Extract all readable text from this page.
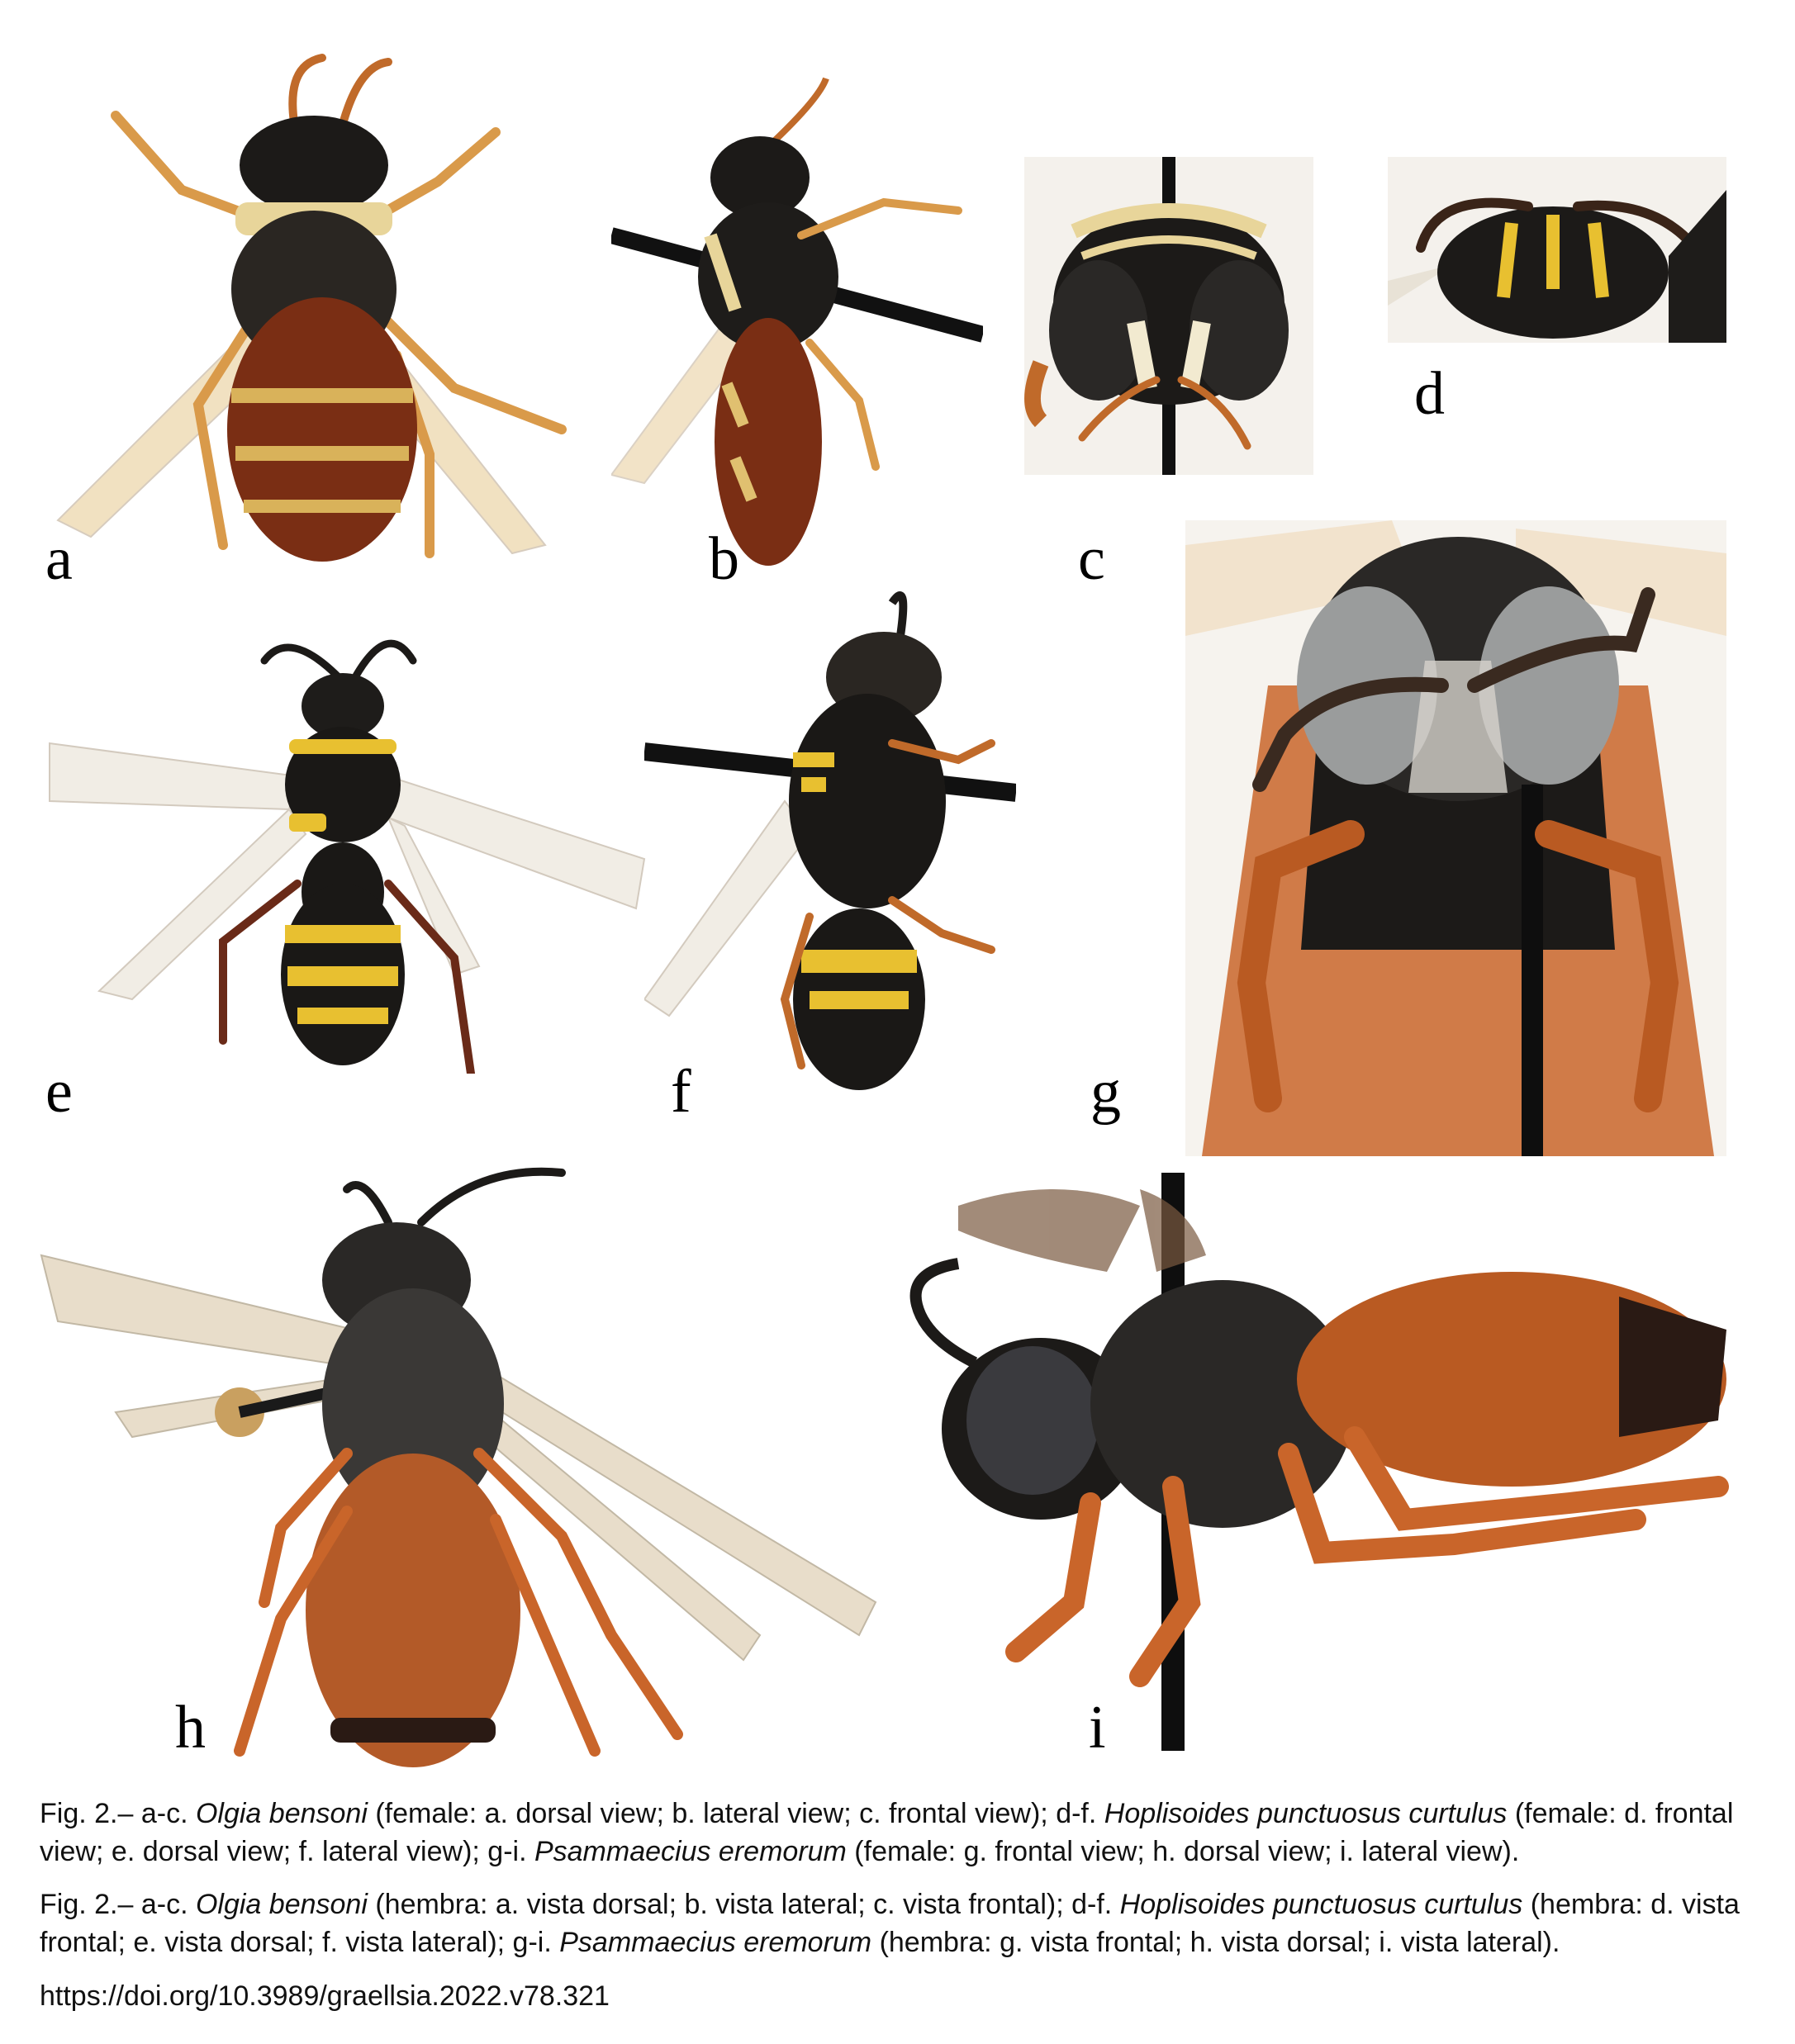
a	b	c
d
e	f	g
h	i
Fig. 2.– a-c. Olgia bensoni (female: a. dorsal view; b. lateral view; c. frontal view); d-f. Hoplisoides punctuosus curtulus (female: d. frontal view; e. dorsal view; f. lateral view); g-i. Psammaecius eremorum (female: g. frontal view; h. dorsal view; i. lateral view).
Fig. 2.– a-c. Olgia bensoni (hembra: a. vista dorsal; b. vista lateral; c. vista frontal); d-f. Hoplisoides punctuosus curtulus (hembra: d. vista frontal; e. vista dorsal; f. vista lateral); g-i. Psammaecius eremorum (hembra: g. vista frontal; h. vista dorsal; i. vista lateral).
https://doi.org/10.3989/graellsia.2022.v78.321
